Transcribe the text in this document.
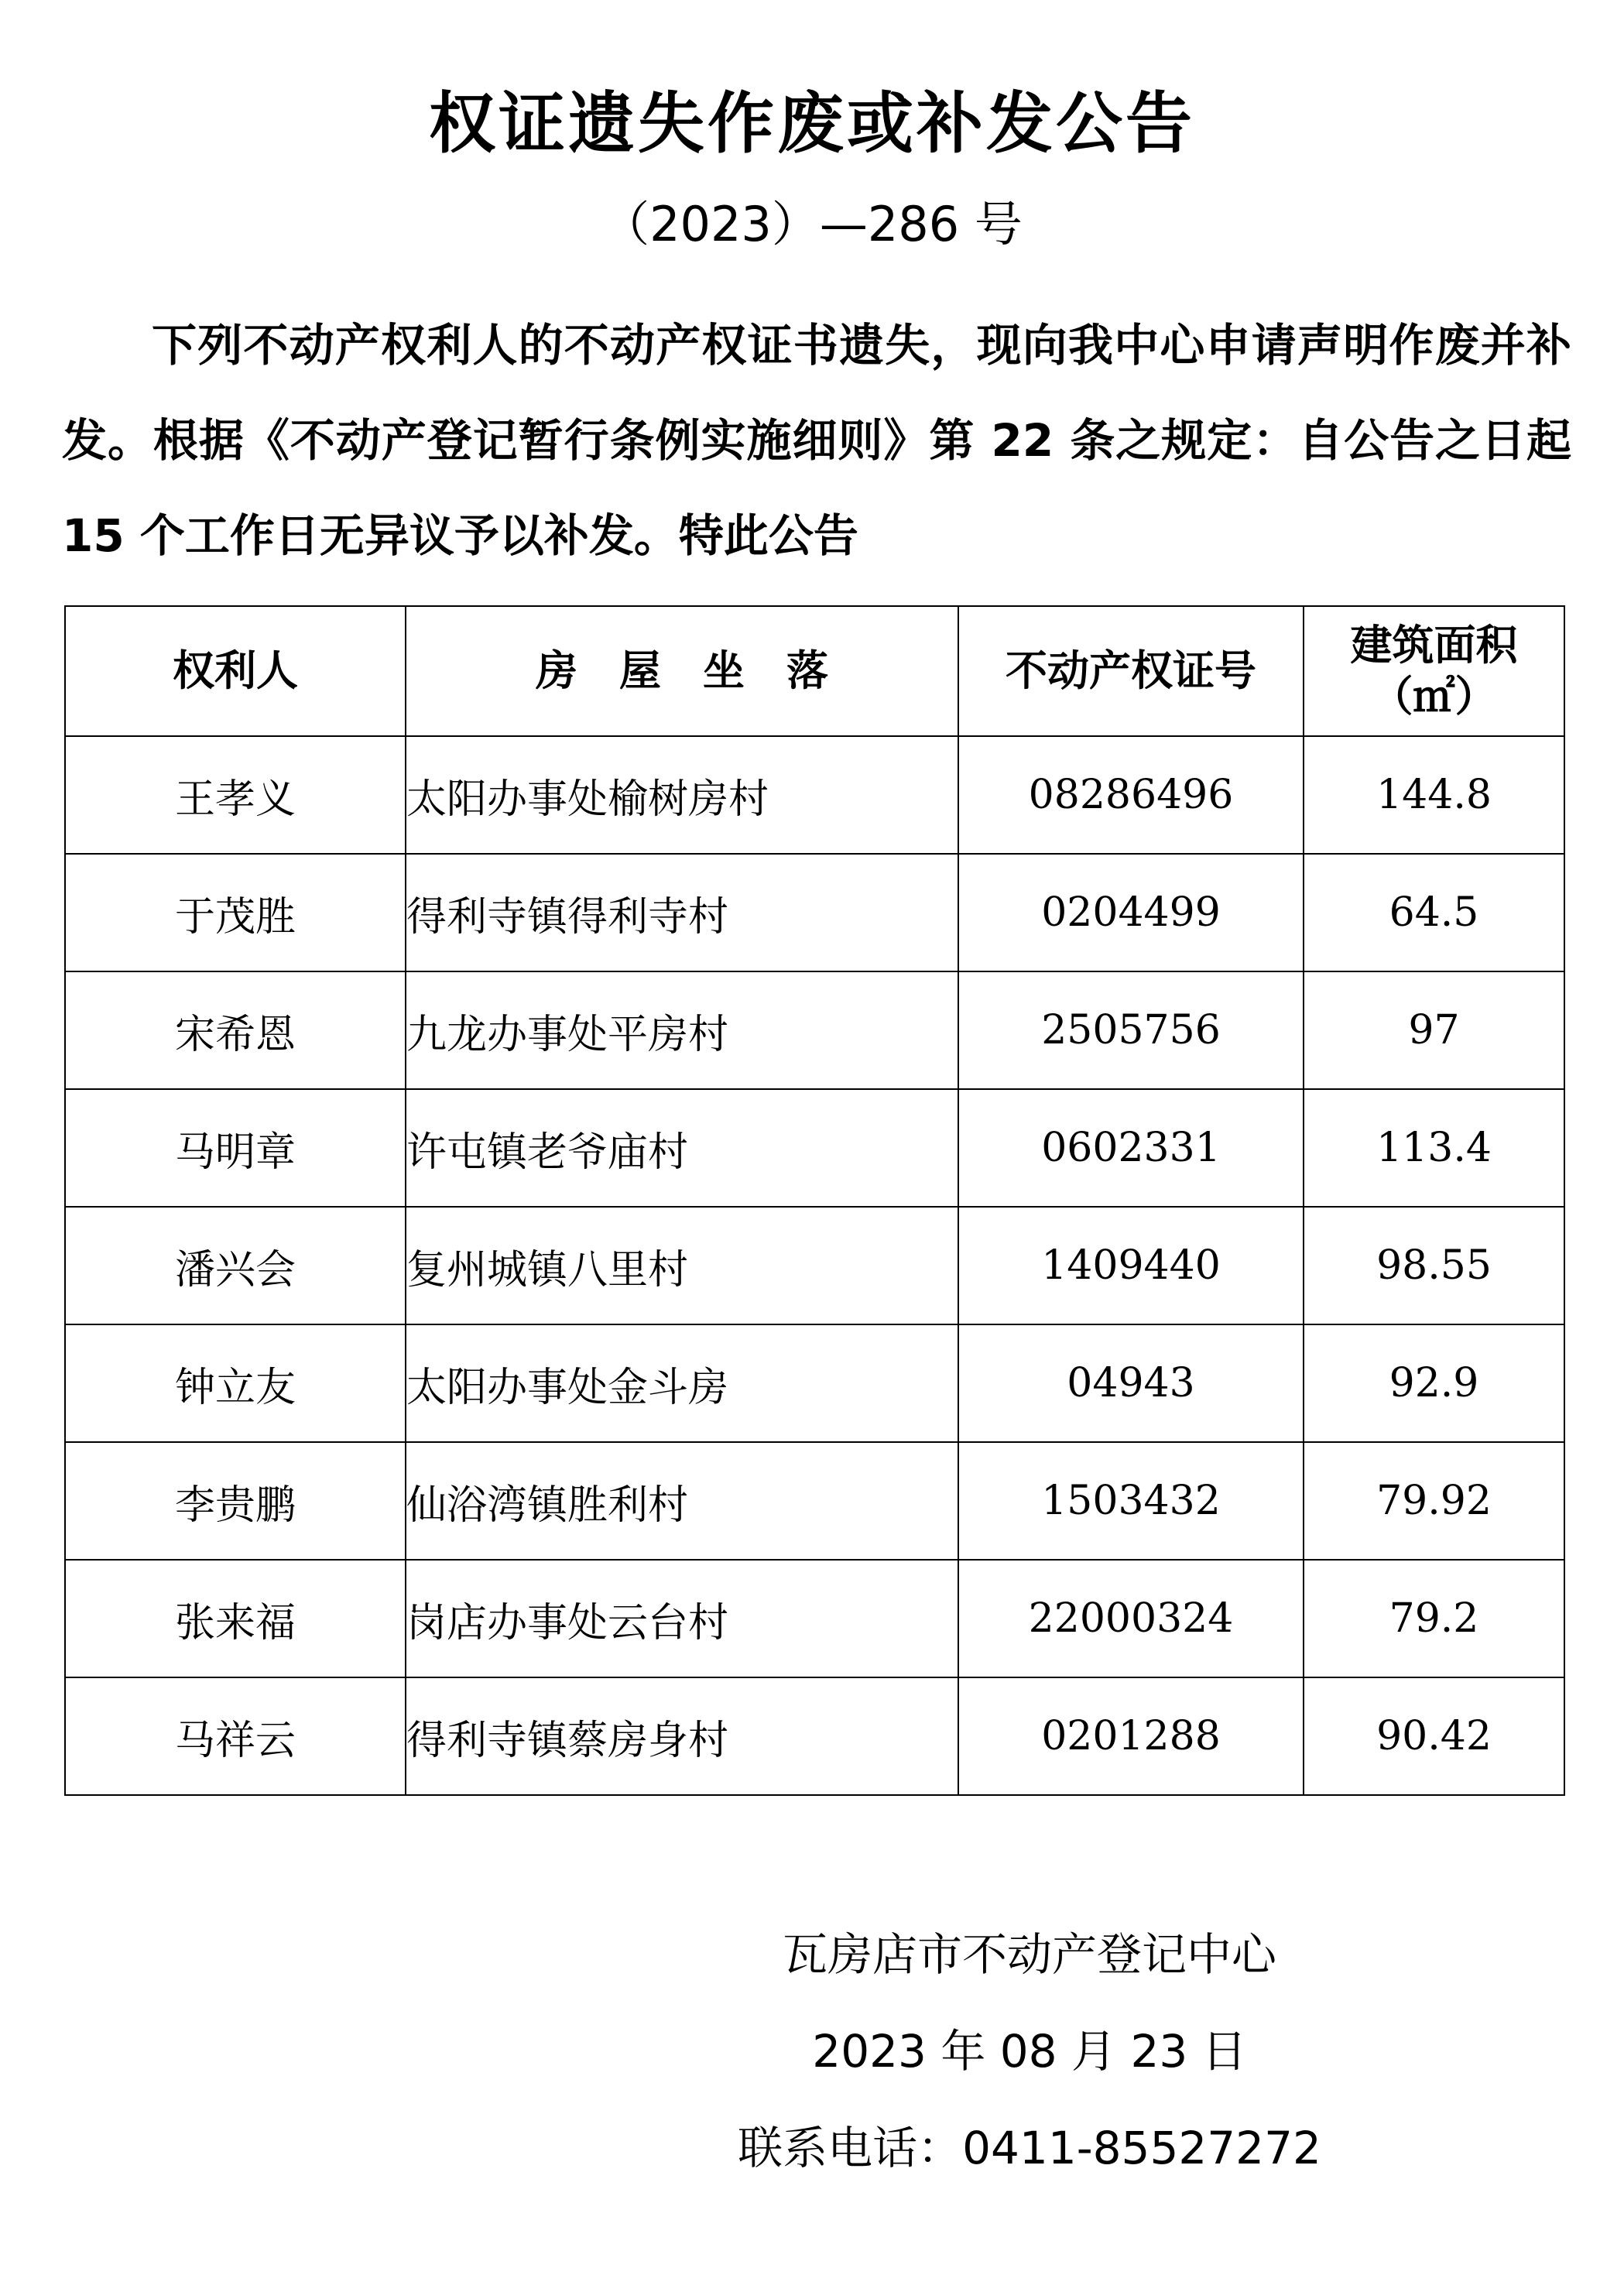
权证遗失作废或补发公告
（2023）—286 号

下列不动产权利人的不动产权证书遗失，现向我中心申请声明作废并补发。根据《不动产登记暂行条例实施细则》第 22 条之规定：自公告之日起 15 个工作日无异议予以补发。特此公告

权利人	房　屋　坐　落	不动产权证号	建筑面积
（㎡）

王孝义	太阳办事处榆树房村	08286496	144.8
于茂胜	得利寺镇得利寺村	0204499	64.5
宋希恩	九龙办事处平房村	2505756	97
马明章	许屯镇老爷庙村	0602331	113.4
潘兴会	复州城镇八里村	1409440	98.55
钟立友	太阳办事处金斗房	04943	92.9
李贵鹏	仙浴湾镇胜利村	1503432	79.92
张来福	岗店办事处云台村	22000324	79.2
马祥云	得利寺镇蔡房身村	0201288	90.42
瓦房店市不动产登记中心
2023 年 08 月 23 日
联系电话：0411-85527272
